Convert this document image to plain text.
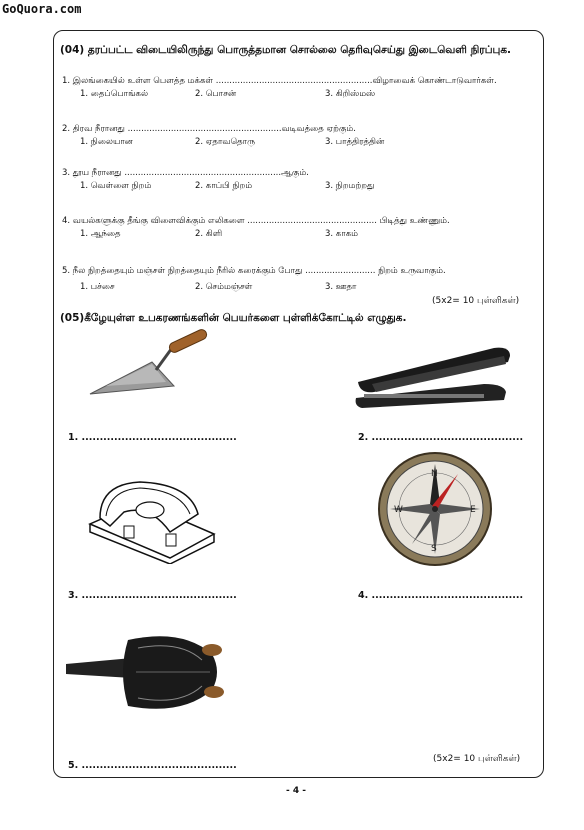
GoQuora.com
(04) தரப்பட்ட விடையிலிருந்து பொருத்தமான சொல்லை தெரிவுசெய்து இடைவெளி நிரப்புக.
1. இலங்கையில் உள்ள பௌத்த மக்கள் ..........................................................விழாவைக் கொண்டாடுவார்கள்.
1. தைப்பொங்கல்	2. பொசன்	3. கிறிஸ்மஸ்
2. திரவ நீரானது .........................................................வடிவத்தை ஏற்கும்.
1. நிலையான	2. ஏதாவதொரு	3. பாத்திரத்தின்
3. தூய நீரானது ..........................................................ஆகும்.
1. வெள்ளை நிறம்	2. காப்பி நிறம்	3. நிறமற்றது
4. வயல்களுக்கு தீங்கு விளைவிக்கும் எலிகளை ................................................ பிடித்து உண்ணும்.
1. ஆந்தை	2. கிளி	3. காகம்
5. நீல நிறத்தையும் மஞ்சள் நிறத்தையும் நீரில் கரைக்கும் போது .......................... நிறம் உருவாகும்.
1. பச்சை	2. செம்மஞ்சள்	3. ஊதா
(5x2= 10 புள்ளிகள்)
(05)கீழேயுள்ள உபகரணங்களின் பெயர்களை புள்ளிக்கோட்டில் எழுதுக.
1. ...........................................	2. ..........................................
N
S
W	E
3. ...........................................	4. ..........................................
5. ...........................................
(5x2= 10 புள்ளிகள்)
- 4 -
